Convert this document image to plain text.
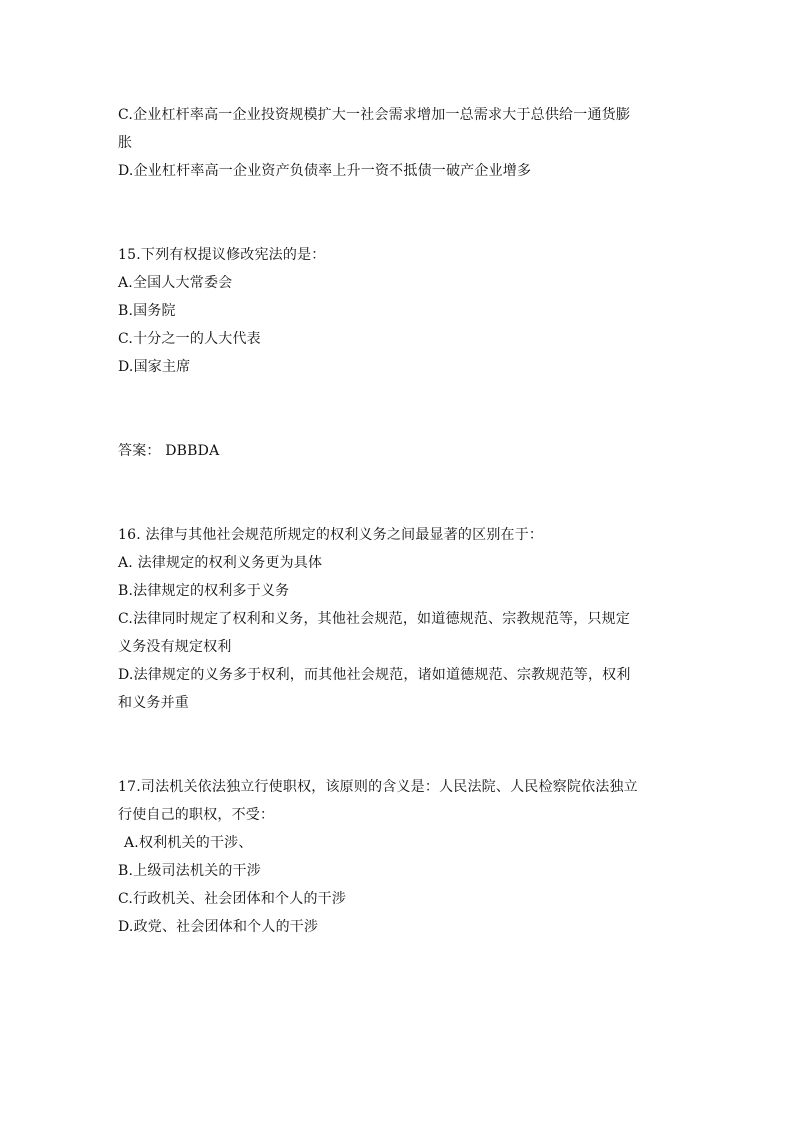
C.企业杠杆率高一企业投资规模扩大一社会需求增加一总需求大于总供给一通货膨
胀
D.企业杠杆率高一企业资产负债率上升一资不抵债一破产企业增多
15.下列有权提议修改宪法的是：
A.全国人大常委会
B.国务院
C.十分之一的人大代表
D.国家主席
答案： DBBDA
16. 法律与其他社会规范所规定的权利义务之间最显著的区别在于：
A. 法律规定的权利义务更为具体
B.法律规定的权利多于义务
C.法律同时规定了权利和义务，其他社会规范，如道德规范、宗教规范等，只规定
义务没有规定权利
D.法律规定的义务多于权利，而其他社会规范，诸如道德规范、宗教规范等，权利
和义务并重
17.司法机关依法独立行使职权，该原则的含义是：人民法院、人民检察院依法独立
行使自己的职权，不受：
A.权利机关的干涉、
B.上级司法机关的干涉
C.行政机关、社会团体和个人的干涉
D.政党、社会团体和个人的干涉
